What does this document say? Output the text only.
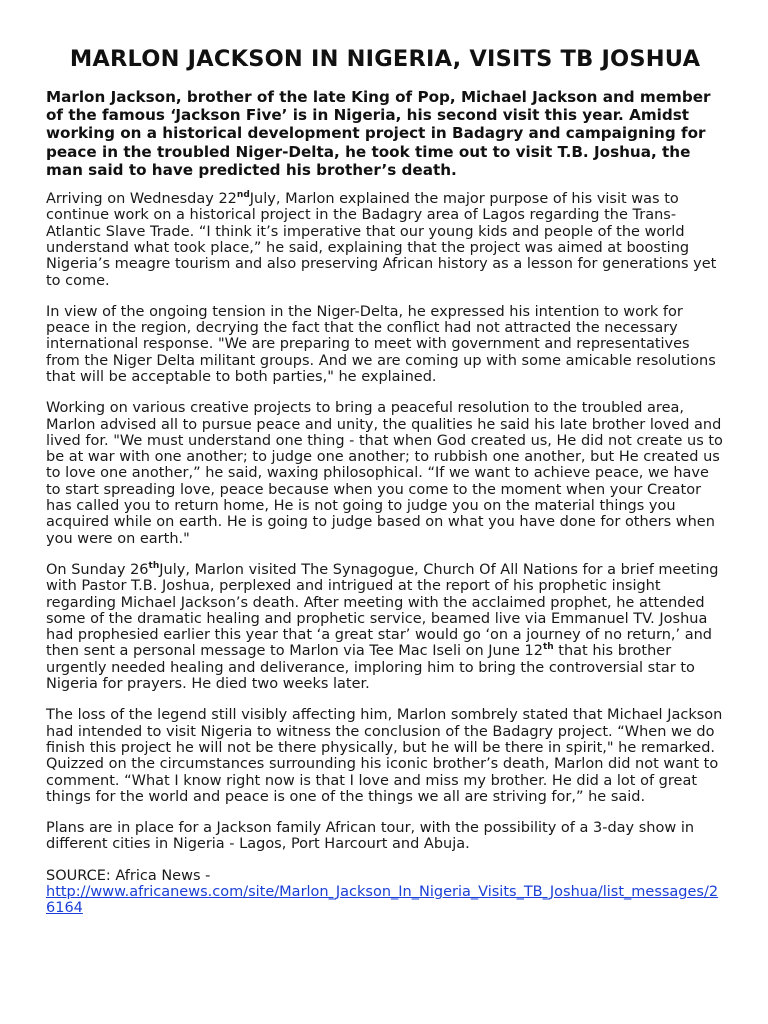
MARLON JACKSON IN NIGERIA, VISITS TB JOSHUA

Marlon Jackson, brother of the late King of Pop, Michael Jackson and member of the famous ‘Jackson Five’ is in Nigeria, his second visit this year. Amidst working on a historical development project in Badagry and campaigning for peace in the troubled Niger-Delta, he took time out to visit T.B. Joshua, the man said to have predicted his brother’s death.

Arriving on Wednesday 22ndJuly, Marlon explained the major purpose of his visit was to continue work on a historical project in the Badagry area of Lagos regarding the Trans-Atlantic Slave Trade. “I think it’s imperative that our young kids and people of the world understand what took place,” he said, explaining that the project was aimed at boosting Nigeria’s meagre tourism and also preserving African history as a lesson for generations yet to come.

In view of the ongoing tension in the Niger-Delta, he expressed his intention to work for peace in the region, decrying the fact that the conflict had not attracted the necessary international response. "We are preparing to meet with government and representatives from the Niger Delta militant groups. And we are coming up with some amicable resolutions that will be acceptable to both parties," he explained.

Working on various creative projects to bring a peaceful resolution to the troubled area, Marlon advised all to pursue peace and unity, the qualities he said his late brother loved and lived for. "We must understand one thing - that when God created us, He did not create us to be at war with one another; to judge one another; to rubbish one another, but He created us to love one another,” he said, waxing philosophical. “If we want to achieve peace, we have to start spreading love, peace because when you come to the moment when your Creator has called you to return home, He is not going to judge you on the material things you acquired while on earth. He is going to judge based on what you have done for others when you were on earth."

On Sunday 26thJuly, Marlon visited The Synagogue, Church Of All Nations for a brief meeting with Pastor T.B. Joshua, perplexed and intrigued at the report of his prophetic insight regarding Michael Jackson’s death. After meeting with the acclaimed prophet, he attended some of the dramatic healing and prophetic service, beamed live via Emmanuel TV. Joshua had prophesied earlier this year that ‘a great star’ would go ‘on a journey of no return,’ and then sent a personal message to Marlon via Tee Mac Iseli on June 12th that his brother urgently needed healing and deliverance, imploring him to bring the controversial star to Nigeria for prayers. He died two weeks later.

The loss of the legend still visibly affecting him, Marlon sombrely stated that Michael Jackson had intended to visit Nigeria to witness the conclusion of the Badagry project. “When we do finish this project he will not be there physically, but he will be there in spirit," he remarked. Quizzed on the circumstances surrounding his iconic brother’s death, Marlon did not want to comment. “What I know right now is that I love and miss my brother. He did a lot of great things for the world and peace is one of the things we all are striving for,” he said.

Plans are in place for a Jackson family African tour, with the possibility of a 3-day show in different cities in Nigeria - Lagos, Port Harcourt and Abuja.

SOURCE: Africa News -
http://www.africanews.com/site/Marlon_Jackson_In_Nigeria_Visits_TB_Joshua/list_messages/26164
